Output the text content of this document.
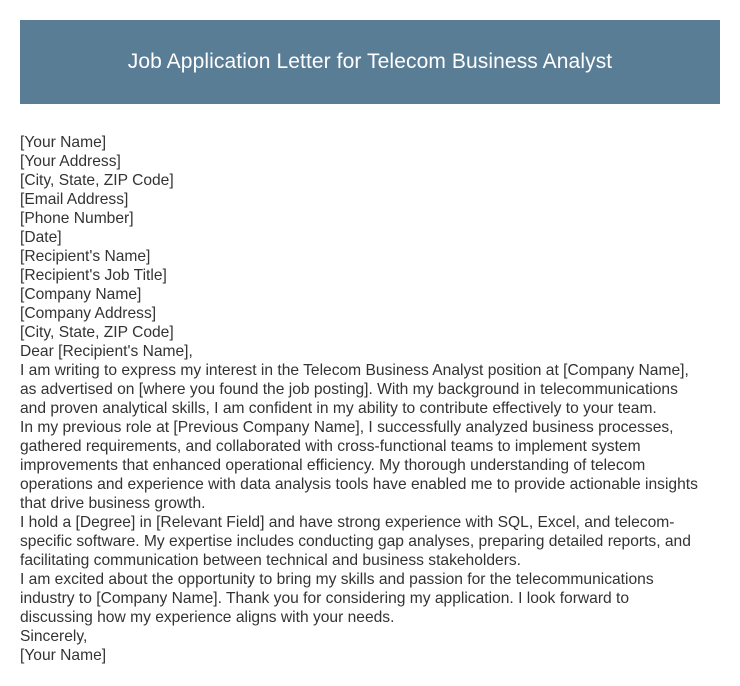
Job Application Letter for Telecom Business Analyst
[Your Name]
[Your Address]
[City, State, ZIP Code]
[Email Address]
[Phone Number]
[Date]
[Recipient's Name]
[Recipient's Job Title]
[Company Name]
[Company Address]
[City, State, ZIP Code]
Dear [Recipient's Name],
I am writing to express my interest in the Telecom Business Analyst position at [Company Name],
as advertised on [where you found the job posting]. With my background in telecommunications
and proven analytical skills, I am confident in my ability to contribute effectively to your team.
In my previous role at [Previous Company Name], I successfully analyzed business processes,
gathered requirements, and collaborated with cross-functional teams to implement system
improvements that enhanced operational efficiency. My thorough understanding of telecom
operations and experience with data analysis tools have enabled me to provide actionable insights
that drive business growth.
I hold a [Degree] in [Relevant Field] and have strong experience with SQL, Excel, and telecom-
specific software. My expertise includes conducting gap analyses, preparing detailed reports, and
facilitating communication between technical and business stakeholders.
I am excited about the opportunity to bring my skills and passion for the telecommunications
industry to [Company Name]. Thank you for considering my application. I look forward to
discussing how my experience aligns with your needs.
Sincerely,
[Your Name]
